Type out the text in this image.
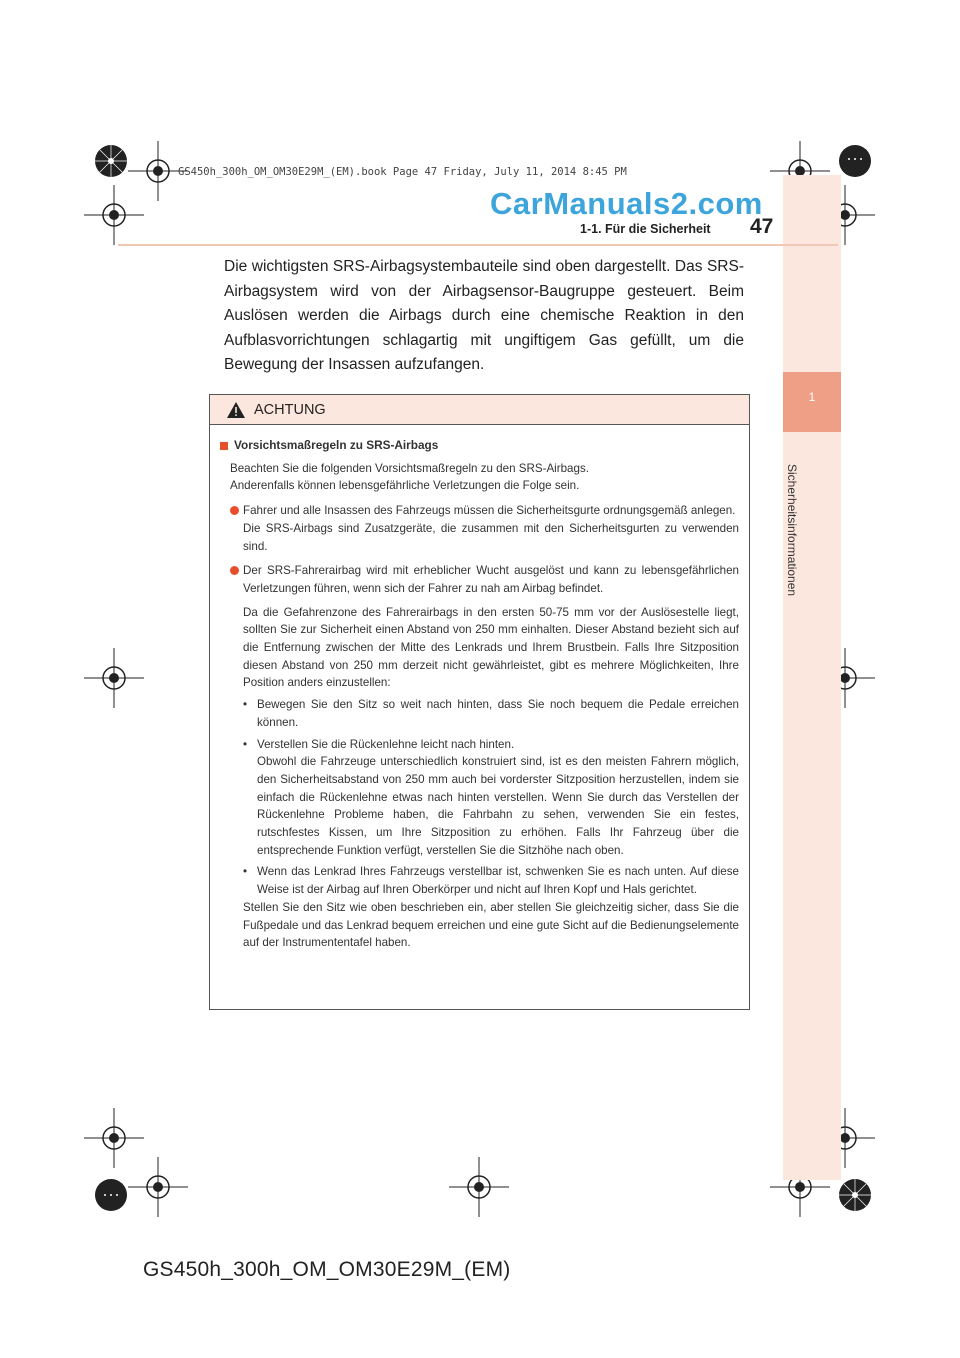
GS450h_300h_OM_OM30E29M_(EM).book Page 47 Friday, July 11, 2014 8:45 PM
CarManuals2.com
1
Sicherheitsinformationen
1-1. Für die Sicherheit 47
Die wichtigsten SRS-Airbagsystembauteile sind oben dargestellt. Das SRS-Airbagsystem wird von der Airbagsensor-Baugruppe gesteuert. Beim Auslösen werden die Airbags durch eine chemische Reaktion in den Aufblasvorrichtungen schlagartig mit ungiftigem Gas gefüllt, um die Bewegung der Insassen aufzufangen.
ACHTUNG
Vorsichtsmaßregeln zu SRS-Airbags
Beachten Sie die folgenden Vorsichtsmaßregeln zu den SRS-Airbags.
Anderenfalls können lebensgefährliche Verletzungen die Folge sein.
Fahrer und alle Insassen des Fahrzeugs müssen die Sicherheitsgurte ordnungsgemäß anlegen.
Die SRS-Airbags sind Zusatzgeräte, die zusammen mit den Sicherheitsgurten zu verwenden sind.
Der SRS-Fahrerairbag wird mit erheblicher Wucht ausgelöst und kann zu lebensgefährlichen Verletzungen führen, wenn sich der Fahrer zu nah am Airbag befindet.
Da die Gefahrenzone des Fahrerairbags in den ersten 50-75 mm vor der Auslösestelle liegt, sollten Sie zur Sicherheit einen Abstand von 250 mm einhalten. Dieser Abstand bezieht sich auf die Entfernung zwischen der Mitte des Lenkrads und Ihrem Brustbein. Falls Ihre Sitzposition diesen Abstand von 250 mm derzeit nicht gewährleistet, gibt es mehrere Möglichkeiten, Ihre Position anders einzustellen:
• Bewegen Sie den Sitz so weit nach hinten, dass Sie noch bequem die Pedale erreichen können.
• Verstellen Sie die Rückenlehne leicht nach hinten.
Obwohl die Fahrzeuge unterschiedlich konstruiert sind, ist es den meisten Fahrern möglich, den Sicherheitsabstand von 250 mm auch bei vorderster Sitzposition herzustellen, indem sie einfach die Rückenlehne etwas nach hinten verstellen. Wenn Sie durch das Verstellen der Rückenlehne Probleme haben, die Fahrbahn zu sehen, verwenden Sie ein festes, rutschfestes Kissen, um Ihre Sitzposition zu erhöhen. Falls Ihr Fahrzeug über die entsprechende Funktion verfügt, verstellen Sie die Sitzhöhe nach oben.
• Wenn das Lenkrad Ihres Fahrzeugs verstellbar ist, schwenken Sie es nach unten. Auf diese Weise ist der Airbag auf Ihren Oberkörper und nicht auf Ihren Kopf und Hals gerichtet.
Stellen Sie den Sitz wie oben beschrieben ein, aber stellen Sie gleichzeitig sicher, dass Sie die Fußpedale und das Lenkrad bequem erreichen und eine gute Sicht auf die Bedienungselemente auf der Instrumententafel haben.
GS450h_300h_OM_OM30E29M_(EM)
